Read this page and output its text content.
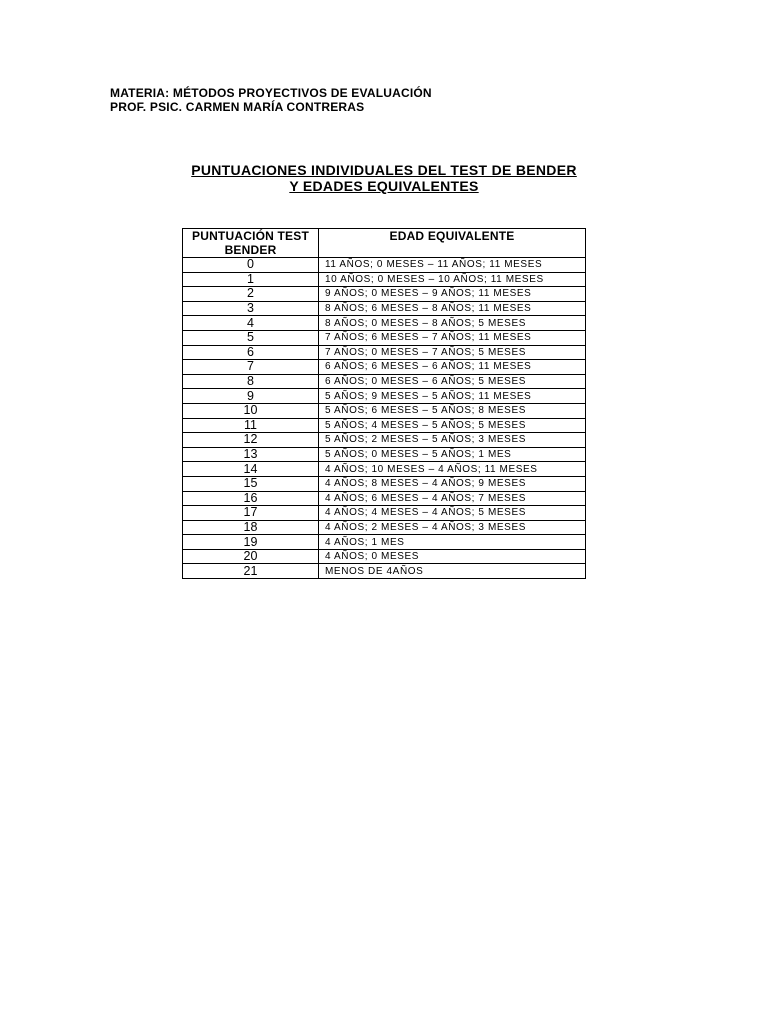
MATERIA: MÉTODOS PROYECTIVOS DE EVALUACIÓN
PROF. PSIC. CARMEN MARÍA CONTRERAS
PUNTUACIONES INDIVIDUALES DEL TEST DE BENDER
Y EDADES EQUIVALENTES
PUNTUACIÓN TEST BENDER	EDAD EQUIVALENTE
0	11 AÑOS; 0 MESES – 11 AÑOS; 11 MESES
1	10 AÑOS; 0 MESES – 10 AÑOS; 11 MESES
2	9 AÑOS; 0 MESES – 9 AÑOS; 11 MESES
3	8 AÑOS; 6 MESES – 8 AÑOS; 11 MESES
4	8 AÑOS; 0 MESES – 8 AÑOS; 5 MESES
5	7 AÑOS; 6 MESES – 7 AÑOS; 11 MESES
6	7 AÑOS; 0 MESES – 7 AÑOS; 5 MESES
7	6 AÑOS; 6 MESES – 6 AÑOS; 11 MESES
8	6 AÑOS; 0 MESES – 6 AÑOS; 5 MESES
9	5 AÑOS; 9 MESES – 5 AÑOS; 11 MESES
10	5 AÑOS; 6 MESES – 5 AÑOS; 8 MESES
11	5 AÑOS; 4 MESES – 5 AÑOS; 5 MESES
12	5 AÑOS; 2 MESES – 5 AÑOS; 3 MESES
13	5 AÑOS; 0 MESES – 5 AÑOS; 1 MES
14	4 AÑOS; 10 MESES – 4 AÑOS; 11 MESES
15	4 AÑOS; 8 MESES – 4 AÑOS; 9 MESES
16	4 AÑOS; 6 MESES – 4 AÑOS; 7 MESES
17	4 AÑOS; 4 MESES – 4 AÑOS; 5 MESES
18	4 AÑOS; 2 MESES – 4 AÑOS; 3 MESES
19	4 AÑOS; 1 MES
20	4 AÑOS; 0 MESES
21	MENOS DE 4AÑOS
